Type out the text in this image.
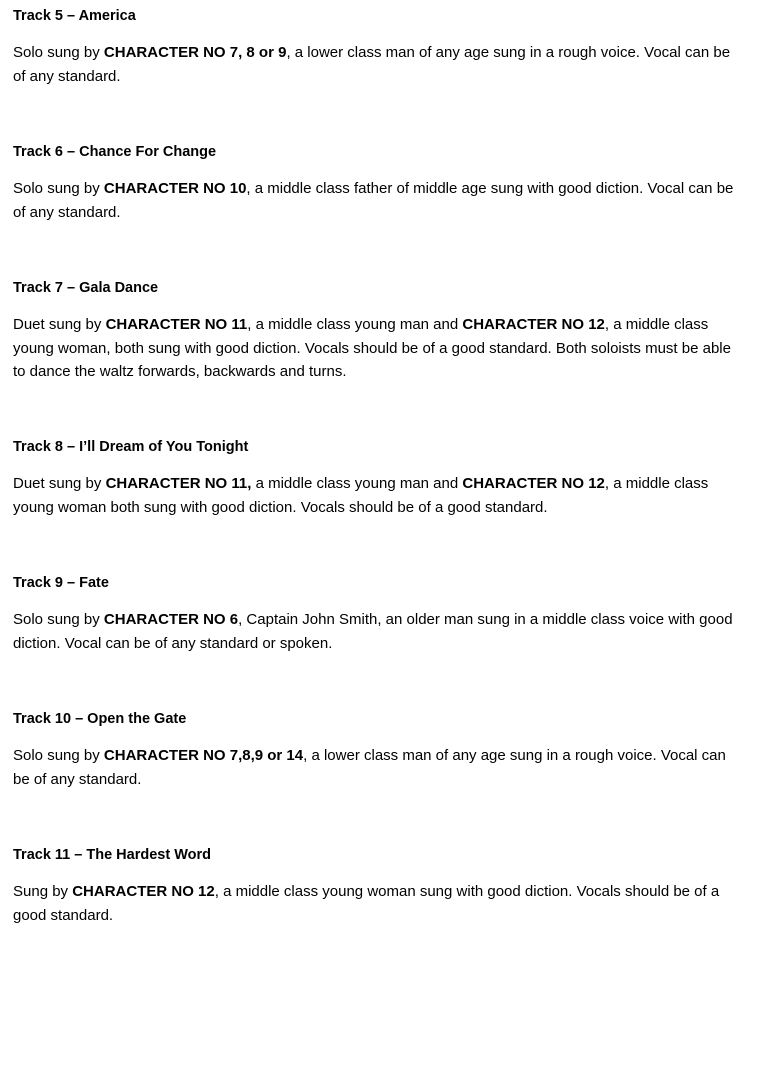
Track 5 – America

Solo sung by CHARACTER NO 7, 8 or 9, a lower class man of any age sung in a rough voice. Vocal can be of any standard.

Track 6 – Chance For Change

Solo sung by CHARACTER NO 10, a middle class father of middle age sung with good diction. Vocal can be of any standard.

Track 7 – Gala Dance

Duet sung by CHARACTER NO 11, a middle class young man and CHARACTER NO 12, a middle class young woman, both sung with good diction. Vocals should be of a good standard. Both soloists must be able to dance the waltz forwards, backwards and turns.

Track 8 – I’ll Dream of You Tonight

Duet sung by CHARACTER NO 11, a middle class young man and CHARACTER NO 12, a middle class young woman both sung with good diction. Vocals should be of a good standard.

Track 9 – Fate

Solo sung by CHARACTER NO 6, Captain John Smith, an older man sung in a middle class voice with good diction. Vocal can be of any standard or spoken.

Track 10 – Open the Gate

Solo sung by CHARACTER NO 7,8,9 or 14, a lower class man of any age sung in a rough voice. Vocal can be of any standard.

Track 11 – The Hardest Word

Sung by CHARACTER NO 12, a middle class young woman sung with good diction. Vocals should be of a good standard.
